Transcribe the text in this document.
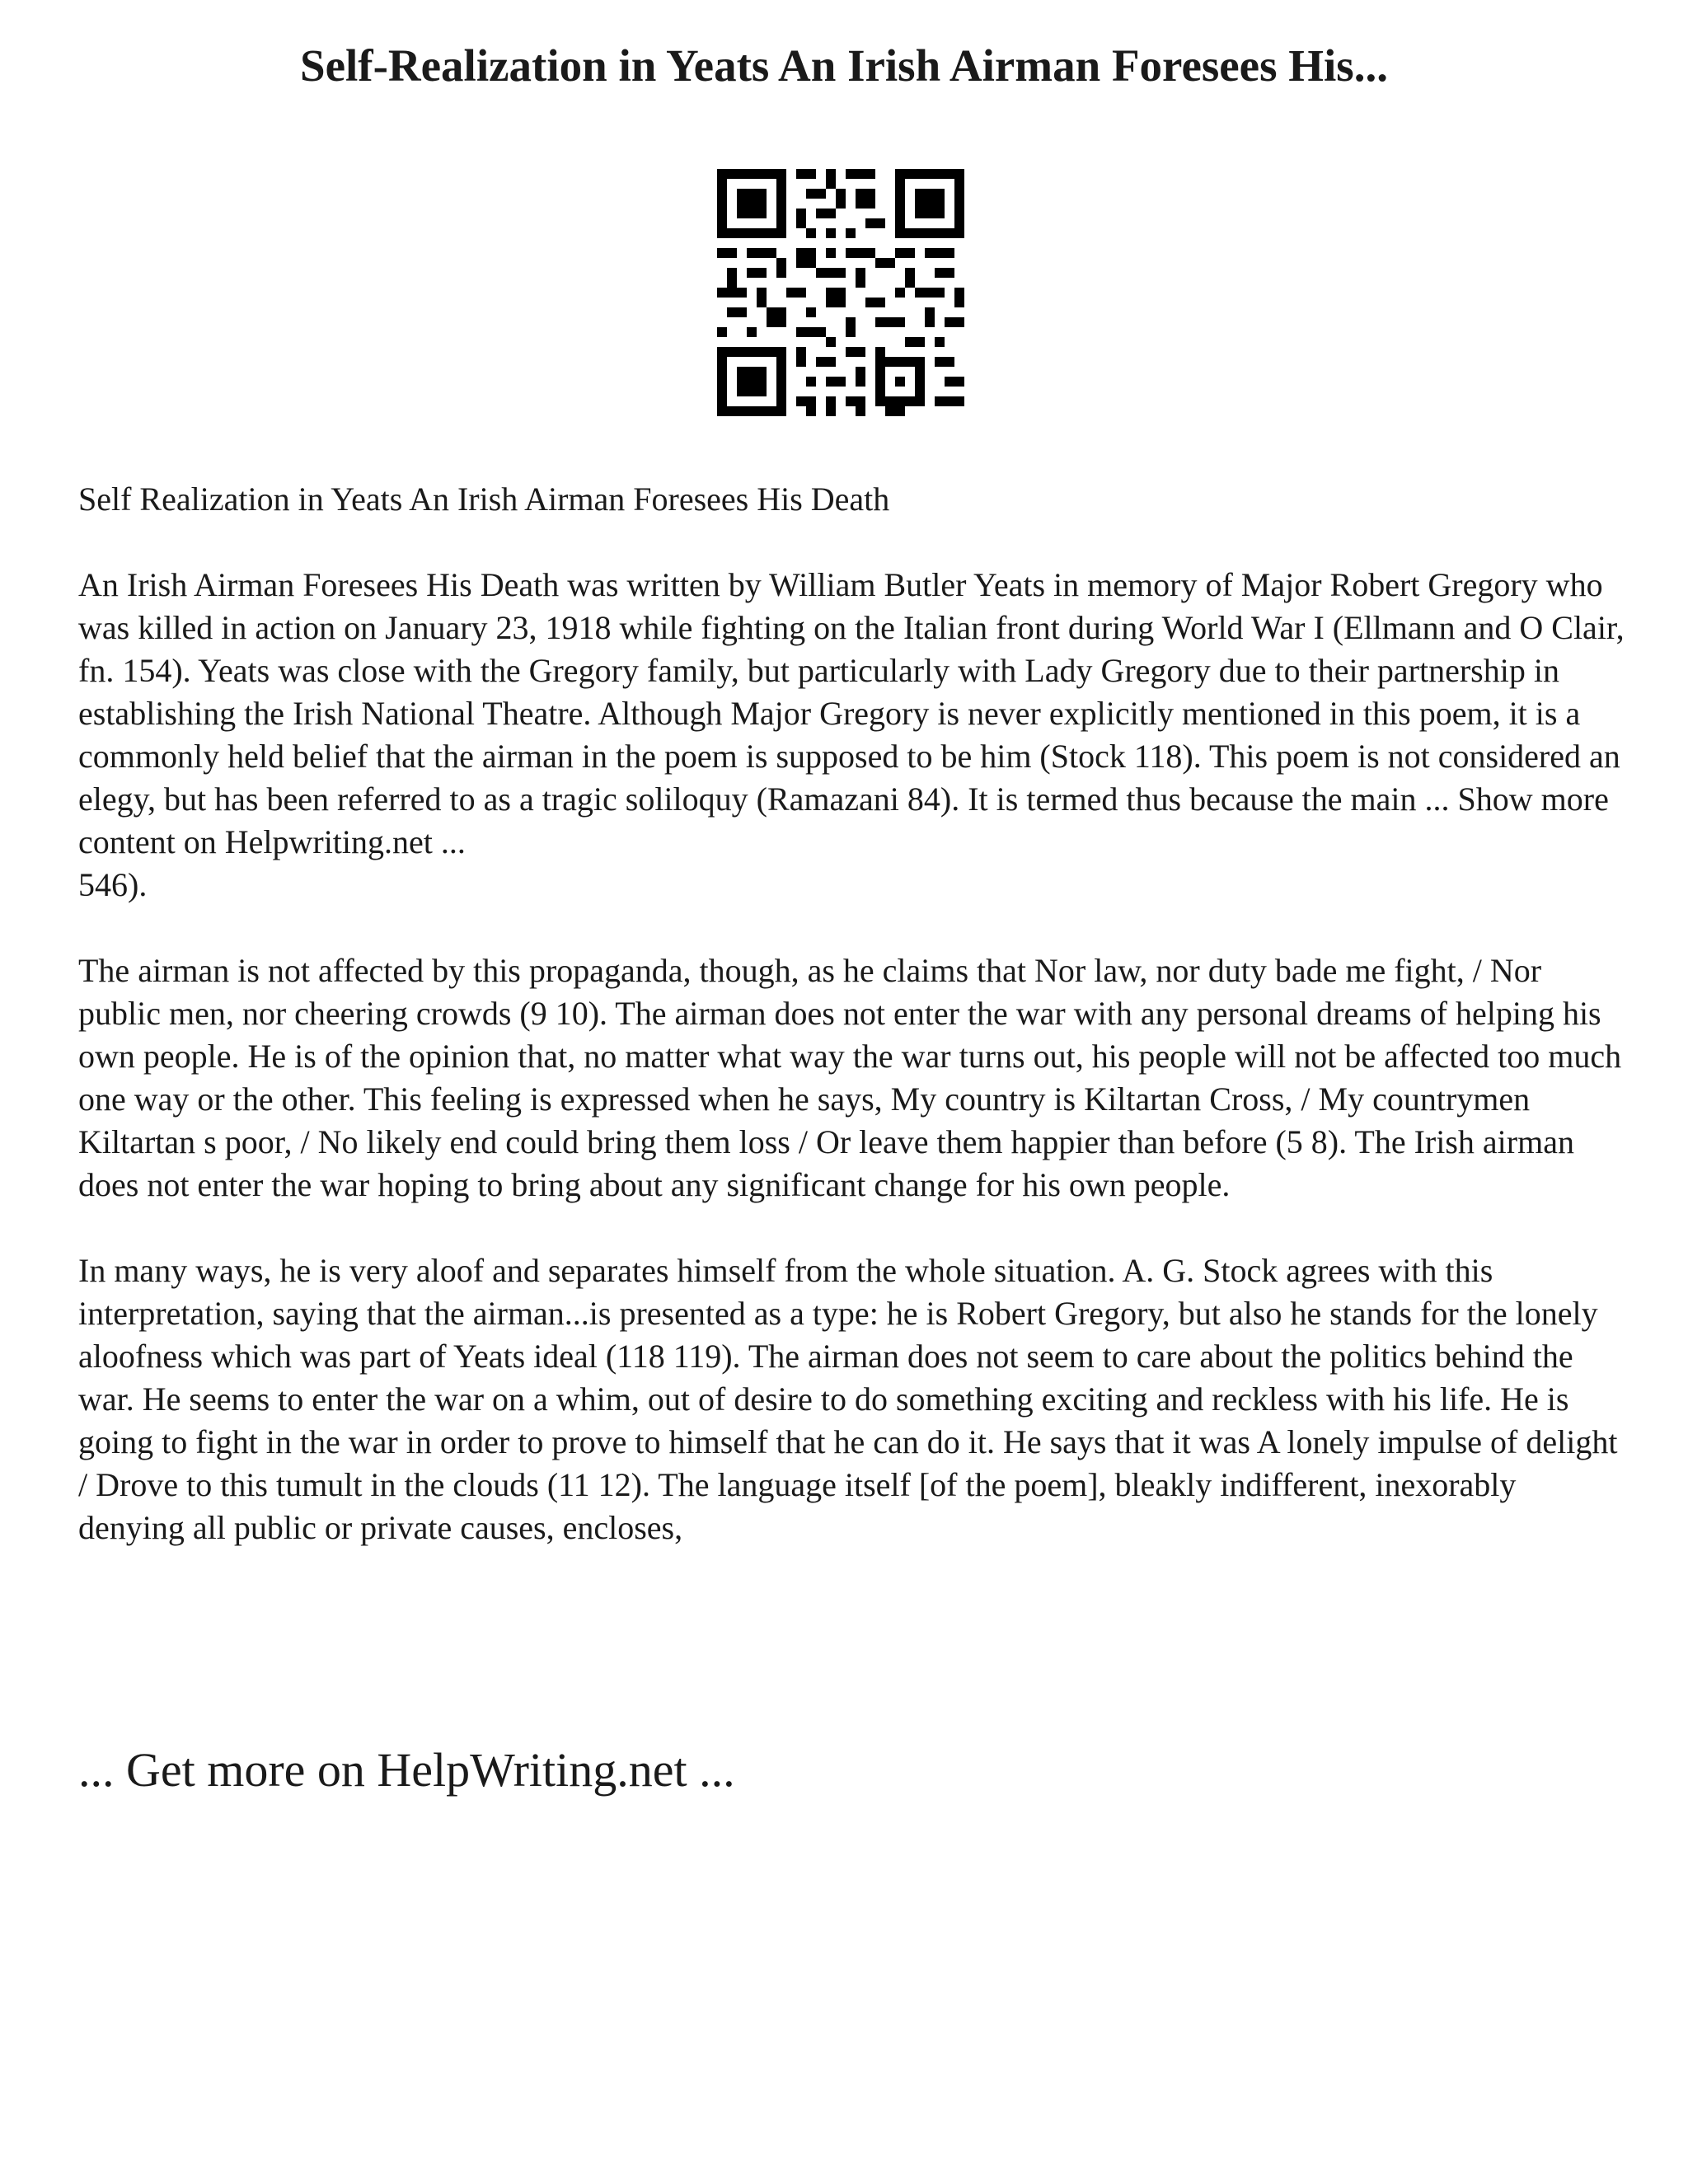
Self-Realization in Yeats An Irish Airman Foresees His...
Self Realization in Yeats An Irish Airman Foresees His Death

An Irish Airman Foresees His Death was written by William Butler Yeats in memory of Major Robert Gregory who was killed in action on January 23, 1918 while fighting on the Italian front during World War I (Ellmann and O Clair, fn. 154). Yeats was close with the Gregory family, but particularly with Lady Gregory due to their partnership in establishing the Irish National Theatre. Although Major Gregory is never explicitly mentioned in this poem, it is a commonly held belief that the airman in the poem is supposed to be him (Stock 118). This poem is not considered an elegy, but has been referred to as a tragic soliloquy (Ramazani 84). It is termed thus because the main ... Show more content on Helpwriting.net ...
546).

The airman is not affected by this propaganda, though, as he claims that Nor law, nor duty bade me fight, / Nor public men, nor cheering crowds (9 10). The airman does not enter the war with any personal dreams of helping his own people. He is of the opinion that, no matter what way the war turns out, his people will not be affected too much one way or the other. This feeling is expressed when he says, My country is Kiltartan Cross, / My countrymen Kiltartan s poor, / No likely end could bring them loss / Or leave them happier than before (5 8). The Irish airman does not enter the war hoping to bring about any significant change for his own people.

In many ways, he is very aloof and separates himself from the whole situation. A. G. Stock agrees with this interpretation, saying that the airman...is presented as a type: he is Robert Gregory, but also he stands for the lonely aloofness which was part of Yeats ideal (118 119). The airman does not seem to care about the politics behind the war. He seems to enter the war on a whim, out of desire to do something exciting and reckless with his life. He is going to fight in the war in order to prove to himself that he can do it. He says that it was A lonely impulse of delight / Drove to this tumult in the clouds (11 12). The language itself [of the poem], bleakly indifferent, inexorably denying all public or private causes, encloses,

... Get more on HelpWriting.net ...
